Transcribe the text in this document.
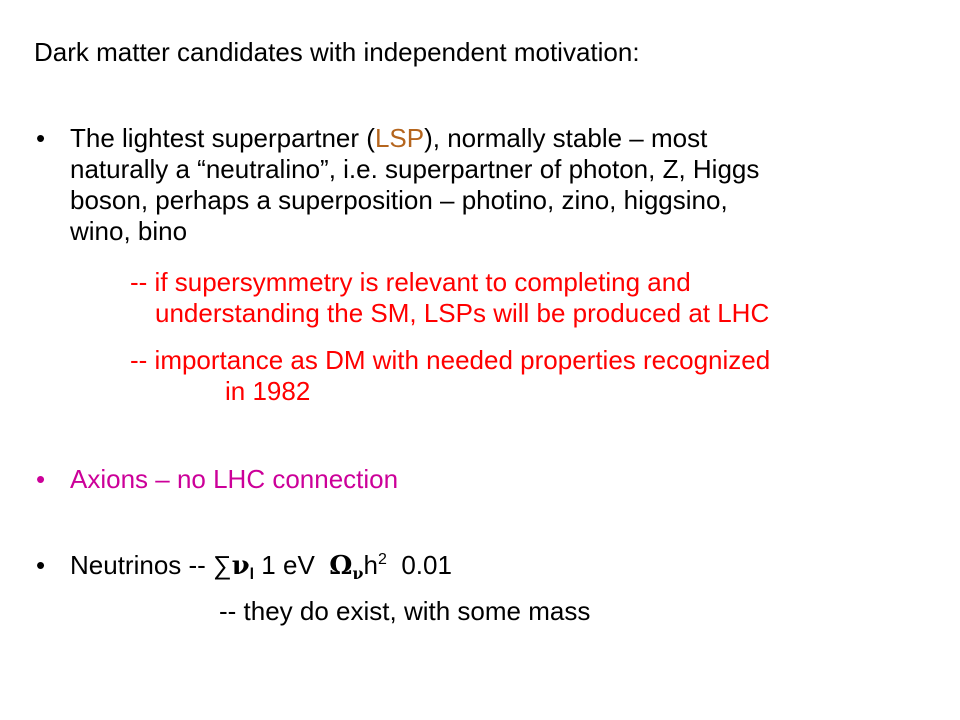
Dark matter candidates with independent motivation:
• The lightest superpartner (LSP), normally stable – most
naturally a “neutralino”, i.e. superpartner of photon, Z, Higgs
boson, perhaps a superposition – photino, zino, higgsino,
wino, bino
-- if supersymmetry is relevant to completing and
understanding the SM, LSPs will be produced at LHC
-- importance as DM with needed properties recognized
in 1982
• Axions – no LHC connection
• Neutrinos -- $\sum\nu_l$ 1 eV  $\Omega_\nu h^2$  0.01
-- they do exist, with some mass
